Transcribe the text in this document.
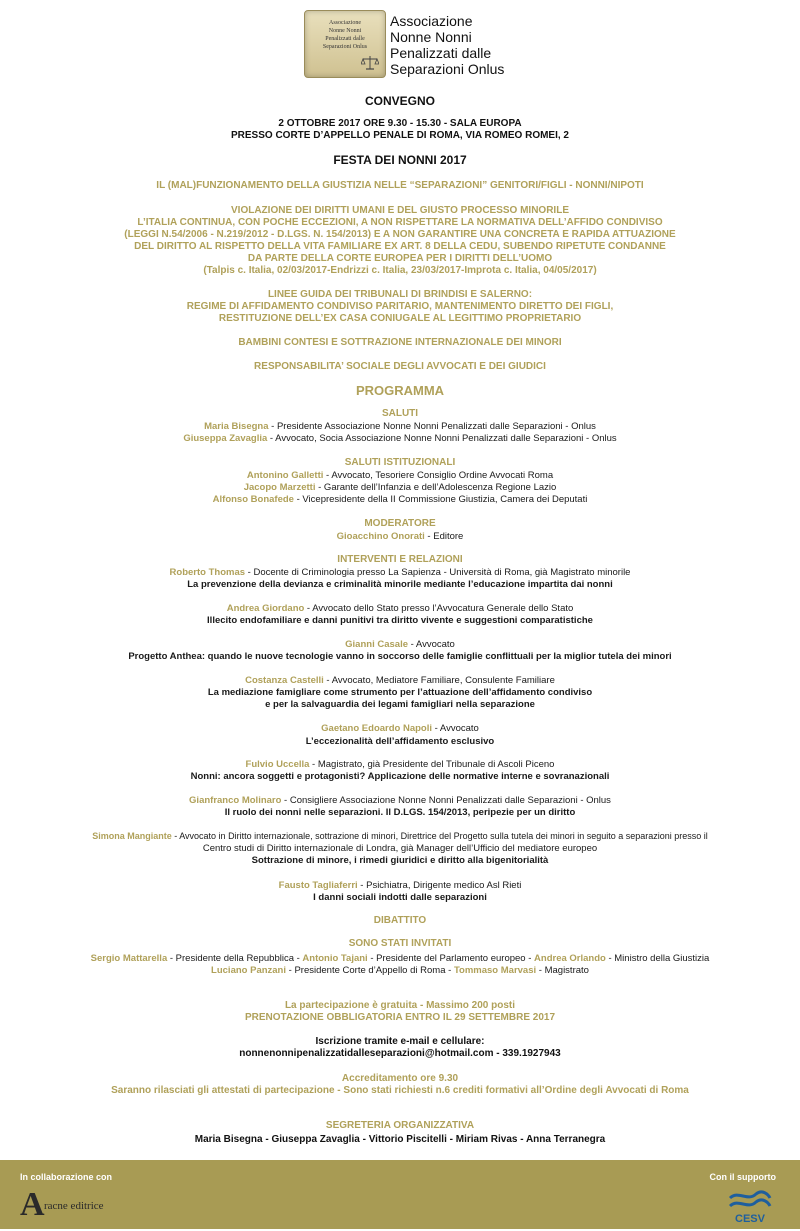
Associazione
Nonne Nonni
Penalizzati dalle
Separazioni Onlus
Associazione
Nonne Nonni
Penalizzati dalle
Separazioni Onlus
CONVEGNO
2 OTTOBRE 2017 ORE 9.30 - 15.30 - SALA EUROPA
PRESSO CORTE D’APPELLO PENALE DI ROMA, VIA ROMEO ROMEI, 2
FESTA DEI NONNI 2017
IL (MAL)FUNZIONAMENTO DELLA GIUSTIZIA NELLE “SEPARAZIONI” GENITORI/FIGLI - NONNI/NIPOTI
VIOLAZIONE DEI DIRITTI UMANI E DEL GIUSTO PROCESSO MINORILE
L’ITALIA CONTINUA, CON POCHE ECCEZIONI, A NON RISPETTARE LA NORMATIVA DELL’AFFIDO CONDIVISO
(LEGGI N.54/2006 - N.219/2012 - D.LGS. N. 154/2013) E A NON GARANTIRE UNA CONCRETA E RAPIDA ATTUAZIONE
DEL DIRITTO AL RISPETTO DELLA VITA FAMILIARE EX ART. 8 DELLA CEDU, SUBENDO RIPETUTE CONDANNE
DA PARTE DELLA CORTE EUROPEA PER I DIRITTI DELL’UOMO
(Talpis c. Italia, 02/03/2017-Endrizzi c. Italia, 23/03/2017-Improta c. Italia, 04/05/2017)
LINEE GUIDA DEI TRIBUNALI DI BRINDISI E SALERNO:
REGIME DI AFFIDAMENTO CONDIVISO PARITARIO, MANTENIMENTO DIRETTO DEI FIGLI,
RESTITUZIONE DELL’EX CASA CONIUGALE AL LEGITTIMO PROPRIETARIO
BAMBINI CONTESI E SOTTRAZIONE INTERNAZIONALE DEI MINORI
RESPONSABILITA’ SOCIALE DEGLI AVVOCATI E DEI GIUDICI
PROGRAMMA
SALUTI
Maria Bisegna - Presidente Associazione Nonne Nonni Penalizzati dalle Separazioni - Onlus
Giuseppa Zavaglia - Avvocato, Socia Associazione Nonne Nonni Penalizzati dalle Separazioni - Onlus
SALUTI ISTITUZIONALI
Antonino Galletti - Avvocato, Tesoriere Consiglio Ordine Avvocati Roma
Jacopo Marzetti - Garante dell’Infanzia e dell’Adolescenza Regione Lazio
Alfonso Bonafede - Vicepresidente della II Commissione Giustizia, Camera dei Deputati
MODERATORE
Gioacchino Onorati - Editore
INTERVENTI E RELAZIONI
Roberto Thomas - Docente di Criminologia presso La Sapienza - Università di Roma, già Magistrato minorile
La prevenzione della devianza e criminalità minorile mediante l’educazione impartita dai nonni
Andrea Giordano - Avvocato dello Stato presso l’Avvocatura Generale dello Stato
Illecito endofamiliare e danni punitivi tra diritto vivente e suggestioni comparatistiche
Gianni Casale - Avvocato
Progetto Anthea: quando le nuove tecnologie vanno in soccorso delle famiglie conflittuali per la miglior tutela dei minori
Costanza Castelli - Avvocato, Mediatore Familiare, Consulente Familiare
La mediazione famigliare come strumento per l’attuazione dell’affidamento condiviso
e per la salvaguardia dei legami famigliari nella separazione
Gaetano Edoardo Napoli - Avvocato
L’eccezionalità dell’affidamento esclusivo
Fulvio Uccella - Magistrato, già Presidente del Tribunale di Ascoli Piceno
Nonni: ancora soggetti e protagonisti? Applicazione delle normative interne e sovranazionali
Gianfranco Molinaro - Consigliere Associazione Nonne Nonni Penalizzati dalle Separazioni - Onlus
Il ruolo dei nonni nelle separazioni. Il D.LGS. 154/2013, peripezie per un diritto
Simona Mangiante - Avvocato in Diritto internazionale, sottrazione di minori, Direttrice del Progetto sulla tutela dei minori in seguito a separazioni presso il
Centro studi di Diritto internazionale di Londra, già Manager dell’Ufficio del mediatore europeo
Sottrazione di minore, i rimedi giuridici e diritto alla bigenitorialità
Fausto Tagliaferri - Psichiatra, Dirigente medico Asl Rieti
I danni sociali indotti dalle separazioni
DIBATTITO
SONO STATI INVITATI
Sergio Mattarella - Presidente della Repubblica - Antonio Tajani - Presidente del Parlamento europeo - Andrea Orlando - Ministro della Giustizia
Luciano Panzani - Presidente Corte d’Appello di Roma - Tommaso Marvasi - Magistrato
La partecipazione è gratuita - Massimo 200 posti
PRENOTAZIONE OBBLIGATORIA ENTRO IL 29 SETTEMBRE 2017
Iscrizione tramite e-mail e cellulare:
nonnenonnipenalizzatidalleseparazioni@hotmail.com - 339.1927943
Accreditamento ore 9.30
Saranno rilasciati gli attestati di partecipazione - Sono stati richiesti n.6 crediti formativi all’Ordine degli Avvocati di Roma
SEGRETERIA ORGANIZZATIVA
Maria Bisegna - Giuseppa Zavaglia - Vittorio Piscitelli - Miriam Rivas - Anna Terranegra
In collaborazione con
A racne editrice
Con il supporto
CESV
